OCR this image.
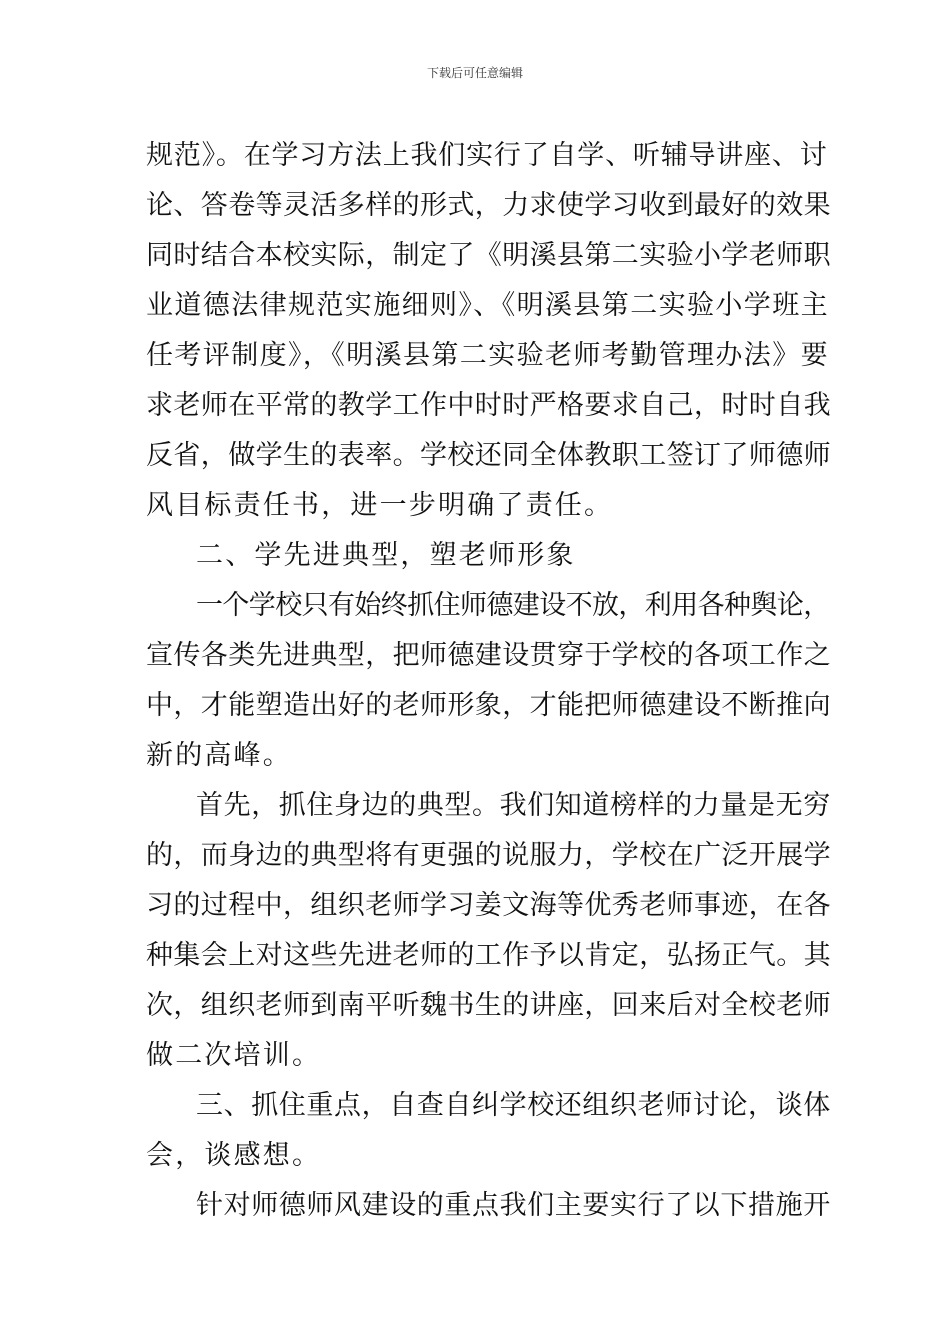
下载后可任意编辑
规范》。在学习方法上我们实行了自学、听辅导讲座、讨
论、答卷等灵活多样的形式，力求使学习收到最好的效果
同时结合本校实际，制定了《明溪县第二实验小学老师职
业道德法律规范实施细则》、《明溪县第二实验小学班主
任考评制度》，《明溪县第二实验老师考勤管理办法》要
求老师在平常的教学工作中时时严格要求自己，时时自我
反省，做学生的表率。学校还同全体教职工签订了师德师
风目标责任书，进一步明确了责任。
二、学先进典型，塑老师形象
一个学校只有始终抓住师德建设不放，利用各种舆论，
宣传各类先进典型，把师德建设贯穿于学校的各项工作之
中，才能塑造出好的老师形象，才能把师德建设不断推向
新的高峰。
首先，抓住身边的典型。我们知道榜样的力量是无穷
的，而身边的典型将有更强的说服力，学校在广泛开展学
习的过程中，组织老师学习姜文海等优秀老师事迹，在各
种集会上对这些先进老师的工作予以肯定，弘扬正气。其
次，组织老师到南平听魏书生的讲座，回来后对全校老师
做二次培训。
三、抓住重点，自查自纠学校还组织老师讨论，谈体
会，谈感想。
针对师德师风建设的重点我们主要实行了以下措施开
